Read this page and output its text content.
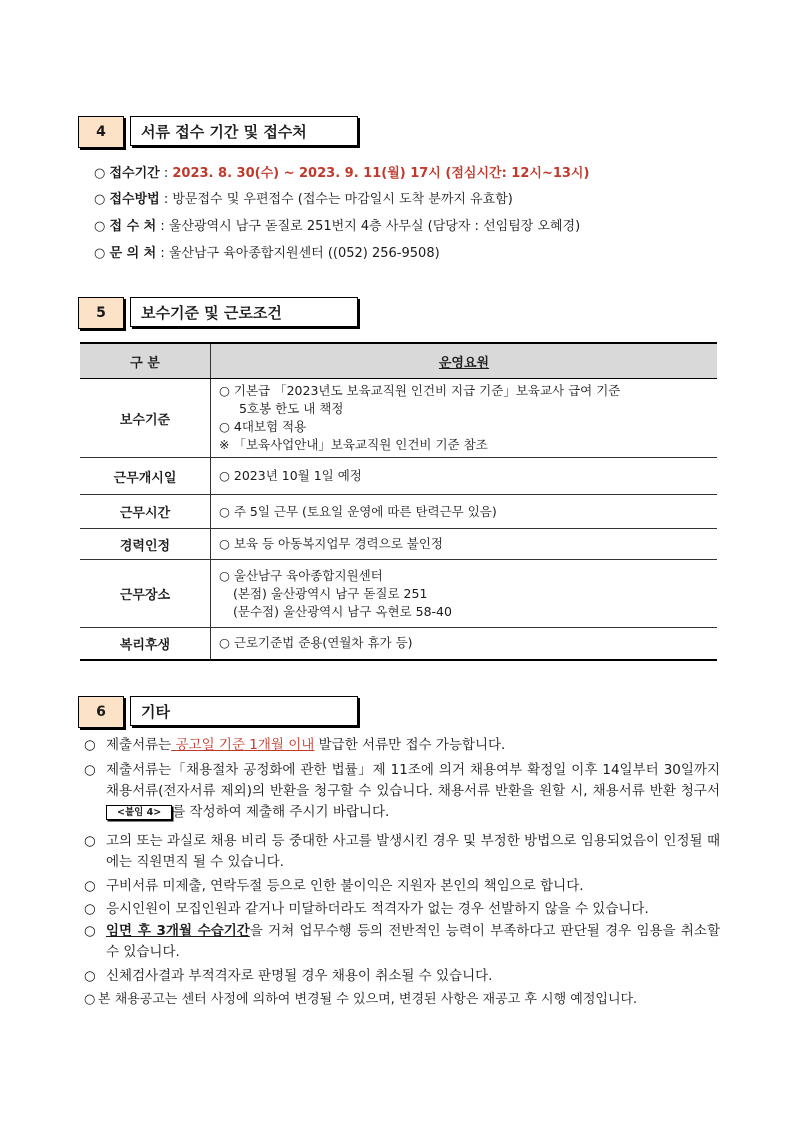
4	서류 접수 기간 및 접수처
○ 접수기간 : 2023. 8. 30(수) ~ 2023. 9. 11(월) 17시 (점심시간: 12시~13시)
○ 접수방법 : 방문접수 및 우편접수 (접수는 마감일시 도착 분까지 유효함)
○ 접 수 처 : 울산광역시 남구 돋질로 251번지 4층 사무실 (담당자 : 선임팀장 오혜경)
○ 문 의 처 : 울산남구 육아종합지원센터 ((052) 256-9508)
5	보수기준 및 근로조건
구 분	운영요원
보수기준	○ 기본급 「2023년도 보육교직원 인건비 지급 기준」보육교사 급여 기준
5호봉 한도 내 책정
○ 4대보험 적용
※ 「보육사업안내」보육교직원 인건비 기준 참조

근무개시일	○ 2023년 10월 1일 예정
근무시간	○ 주 5일 근무 (토요일 운영에 따른 탄력근무 있음)
경력인정	○ 보육 등 아동복지업무 경력으로 불인정
근무장소	○ 울산남구 육아종합지원센터
(본점) 울산광역시 남구 돋질로 251
(문수점) 울산광역시 남구 옥현로 58-40

복리후생	○ 근로기준법 준용(연월차 휴가 등)
6	기타
○ 제출서류는 공고일 기준 1개월 이내 발급한 서류만 접수 가능합니다.
○ 제출서류는「채용절차 공정화에 관한 법률」제 11조에 의거 채용여부 확정일 이후 14일부터 30일까지 채용서류(전자서류 제외)의 반환을 청구할 수 있습니다. 채용서류 반환을 원할 시, 채용서류 반환 청구서 <붙임 4> 를 작성하여 제출해 주시기 바랍니다.
○ 고의 또는 과실로 채용 비리 등 중대한 사고를 발생시킨 경우 및 부정한 방법으로 임용되었음이 인정될 때에는 직원면직 될 수 있습니다.
○ 구비서류 미제출, 연락두절 등으로 인한 불이익은 지원자 본인의 책임으로 합니다.
○ 응시인원이 모집인원과 같거나 미달하더라도 적격자가 없는 경우 선발하지 않을 수 있습니다.
○ 임면 후 3개월 수습기간을 거쳐 업무수행 등의 전반적인 능력이 부족하다고 판단될 경우 임용을 취소할 수 있습니다.
○ 신체검사결과 부적격자로 판명될 경우 채용이 취소될 수 있습니다.
○ 본 채용공고는 센터 사정에 의하여 변경될 수 있으며, 변경된 사항은 재공고 후 시행 예정입니다.
